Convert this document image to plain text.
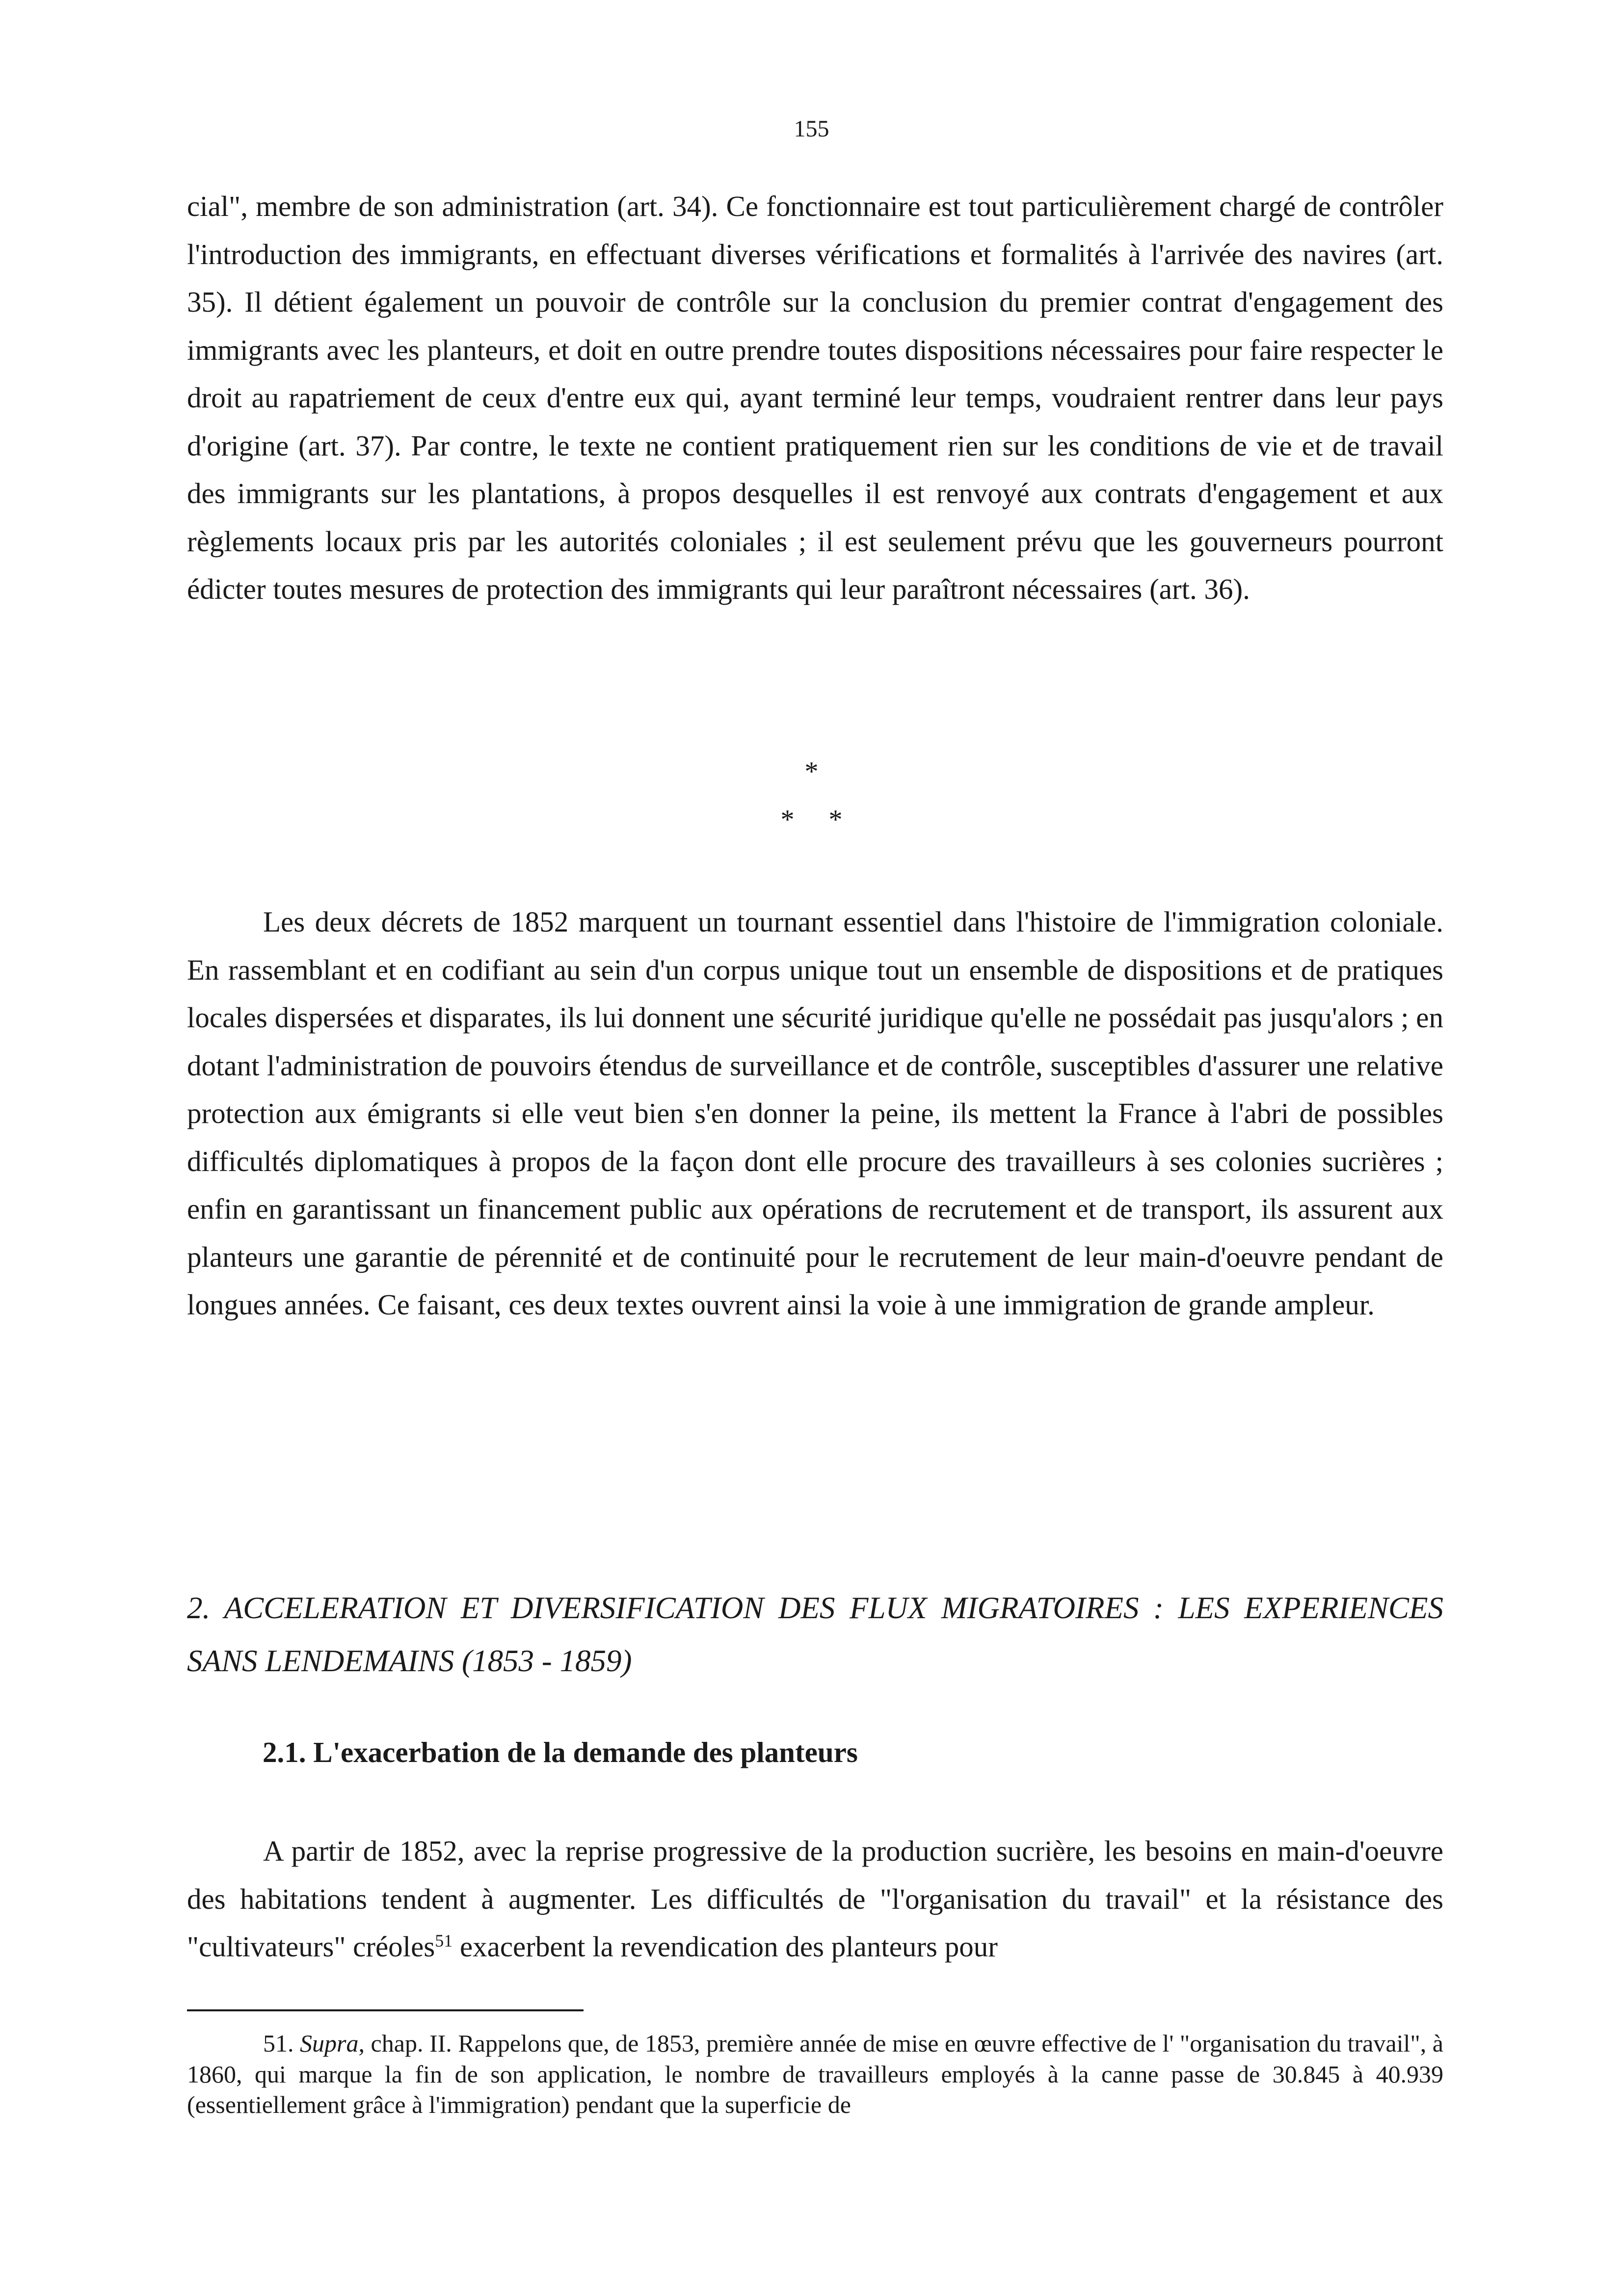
155

cial", membre de son administration (art. 34). Ce fonctionnaire est tout particulièrement chargé de contrôler l'introduction des immigrants, en effectuant diverses vérifications et formalités à l'arrivée des navires (art. 35). Il détient également un pouvoir de contrôle sur la conclusion du premier contrat d'engagement des immigrants avec les planteurs, et doit en outre prendre toutes dispositions nécessaires pour faire respecter le droit au rapatriement de ceux d'entre eux qui, ayant terminé leur temps, voudraient rentrer dans leur pays d'origine (art. 37). Par contre, le texte ne contient pratiquement rien sur les conditions de vie et de travail des immigrants sur les plantations, à propos desquelles il est renvoyé aux contrats d'engagement et aux règlements locaux pris par les autorités coloniales ; il est seulement prévu que les gouverneurs pourront édicter toutes mesures de protection des immigrants qui leur paraîtront nécessaires (art. 36).

*
* *

Les deux décrets de 1852 marquent un tournant essentiel dans l'histoire de l'immigration coloniale. En rassemblant et en codifiant au sein d'un corpus unique tout un ensemble de dispositions et de pratiques locales dispersées et disparates, ils lui donnent une sécurité juridique qu'elle ne possédait pas jusqu'alors ; en dotant l'administration de pouvoirs étendus de surveillance et de contrôle, susceptibles d'assurer une relative protection aux émigrants si elle veut bien s'en donner la peine, ils mettent la France à l'abri de possibles difficultés diplomatiques à propos de la façon dont elle procure des travailleurs à ses colonies sucrières ; enfin en garantissant un financement public aux opérations de recrutement et de transport, ils assurent aux planteurs une garantie de pérennité et de continuité pour le recrutement de leur main-d'oeuvre pendant de longues années. Ce faisant, ces deux textes ouvrent ainsi la voie à une immigration de grande ampleur.

2. ACCELERATION ET DIVERSIFICATION DES FLUX MIGRATOIRES : LES EXPERIENCES SANS LENDEMAINS (1853 - 1859)

2.1. L'exacerbation de la demande des planteurs

A partir de 1852, avec la reprise progressive de la production sucrière, les besoins en main-d'oeuvre des habitations tendent à augmenter. Les difficultés de "l'organisation du travail" et la résistance des "cultivateurs" créoles$^{51}$ exacerbent la revendication des planteurs pour

51. Supra, chap. II. Rappelons que, de 1853, première année de mise en œuvre effective de l' "organisation du travail", à 1860, qui marque la fin de son application, le nombre de travailleurs employés à la canne passe de 30.845 à 40.939 (essentiellement grâce à l'immigration) pendant que la superficie de
